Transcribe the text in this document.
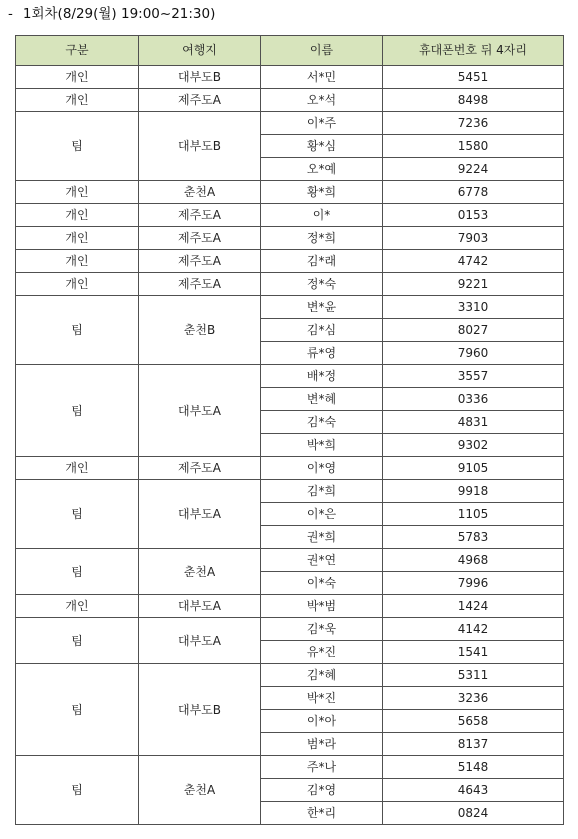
- 1회차(8/29(월) 19:00~21:30)
구분	여행지	이름	휴대폰번호 뒤 4자리
개인	대부도B	서*민	5451
개인	제주도A	오*석	8498
팀	대부도B	이*주	7236
		황*심	1580
		오*예	9224
개인	춘천A	황*희	6778
개인	제주도A	이*	0153
개인	제주도A	정*희	7903
개인	제주도A	김*래	4742
개인	제주도A	정*숙	9221
팀	춘천B	변*윤	3310
		김*심	8027
		류*영	7960
팀	대부도A	배*정	3557
		변*혜	0336
		김*숙	4831
		박*희	9302
개인	제주도A	이*영	9105
팀	대부도A	김*희	9918
		이*은	1105
		권*희	5783
팀	춘천A	권*연	4968
		이*숙	7996
개인	대부도A	박*범	1424
팀	대부도A	김*욱	4142
		유*진	1541
팀	대부도B	김*혜	5311
		박*진	3236
		이*아	5658
		범*라	8137
팀	춘천A	주*나	5148
		김*영	4643
		한*리	0824
